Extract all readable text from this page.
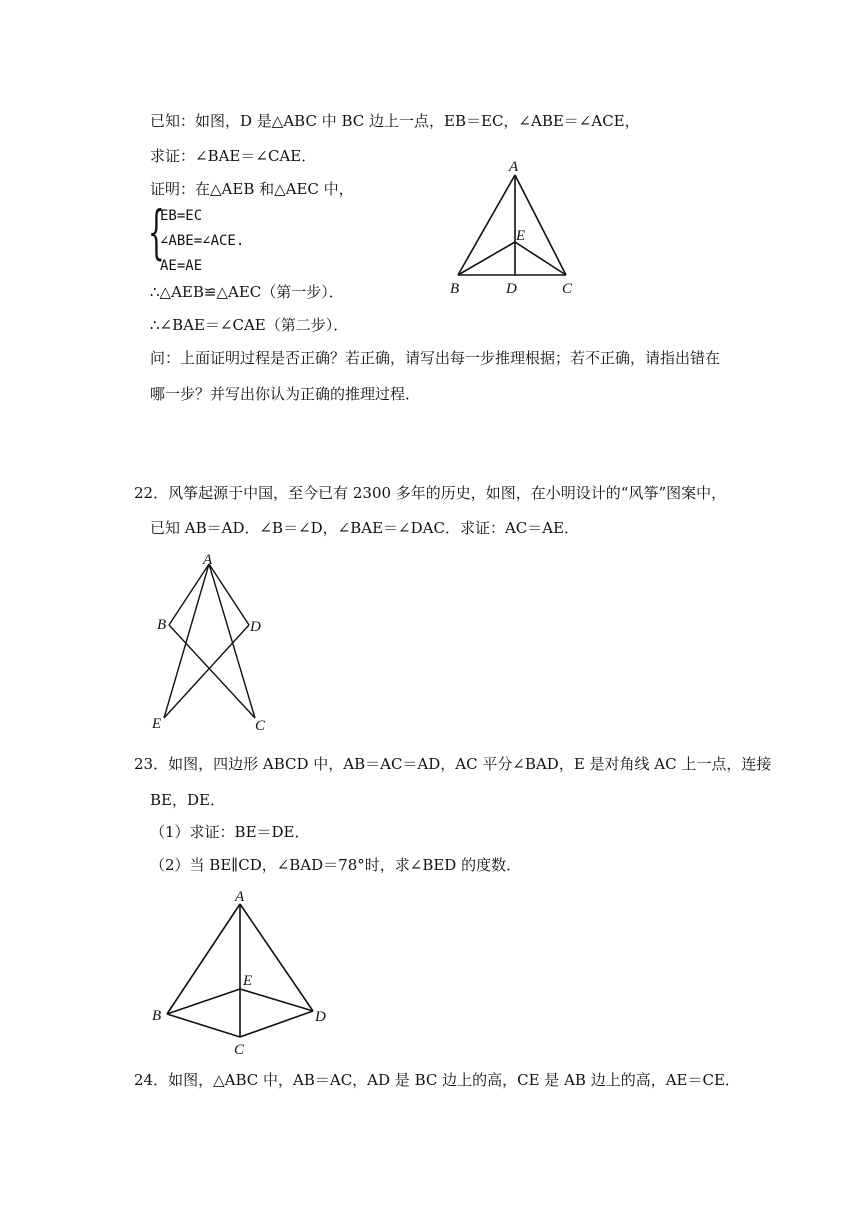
已知：如图，D 是△ABC 中 BC 边上一点，EB＝EC，∠ABE＝∠ACE，
求证：∠BAE＝∠CAE．
证明：在△AEB 和△AEC 中，
{
EB=EC
∠ABE=∠ACE.
AE=AE
∴△AEB≌△AEC（第一步）．
∴∠BAE＝∠CAE（第二步）．
问：上面证明过程是否正确？若正确，请写出每一步推理根据；若不正确，请指出错在
哪一步？并写出你认为正确的推理过程．
A
E
B	D	C
22．风筝起源于中国，至今已有 2300 多年的历史，如图，在小明设计的“风筝”图案中，
已知 AB＝AD．∠B＝∠D，∠BAE＝∠DAC．求证：AC＝AE．
A
B	D
E	C
23．如图，四边形 ABCD 中，AB＝AC＝AD，AC 平分∠BAD，E 是对角线 AC 上一点，连接
BE，DE．
（1）求证：BE＝DE．
（2）当 BE∥CD，∠BAD＝78°时，求∠BED 的度数．
A
E
B	D
C
24．如图，△ABC 中，AB＝AC，AD 是 BC 边上的高，CE 是 AB 边上的高，AE＝CE．
